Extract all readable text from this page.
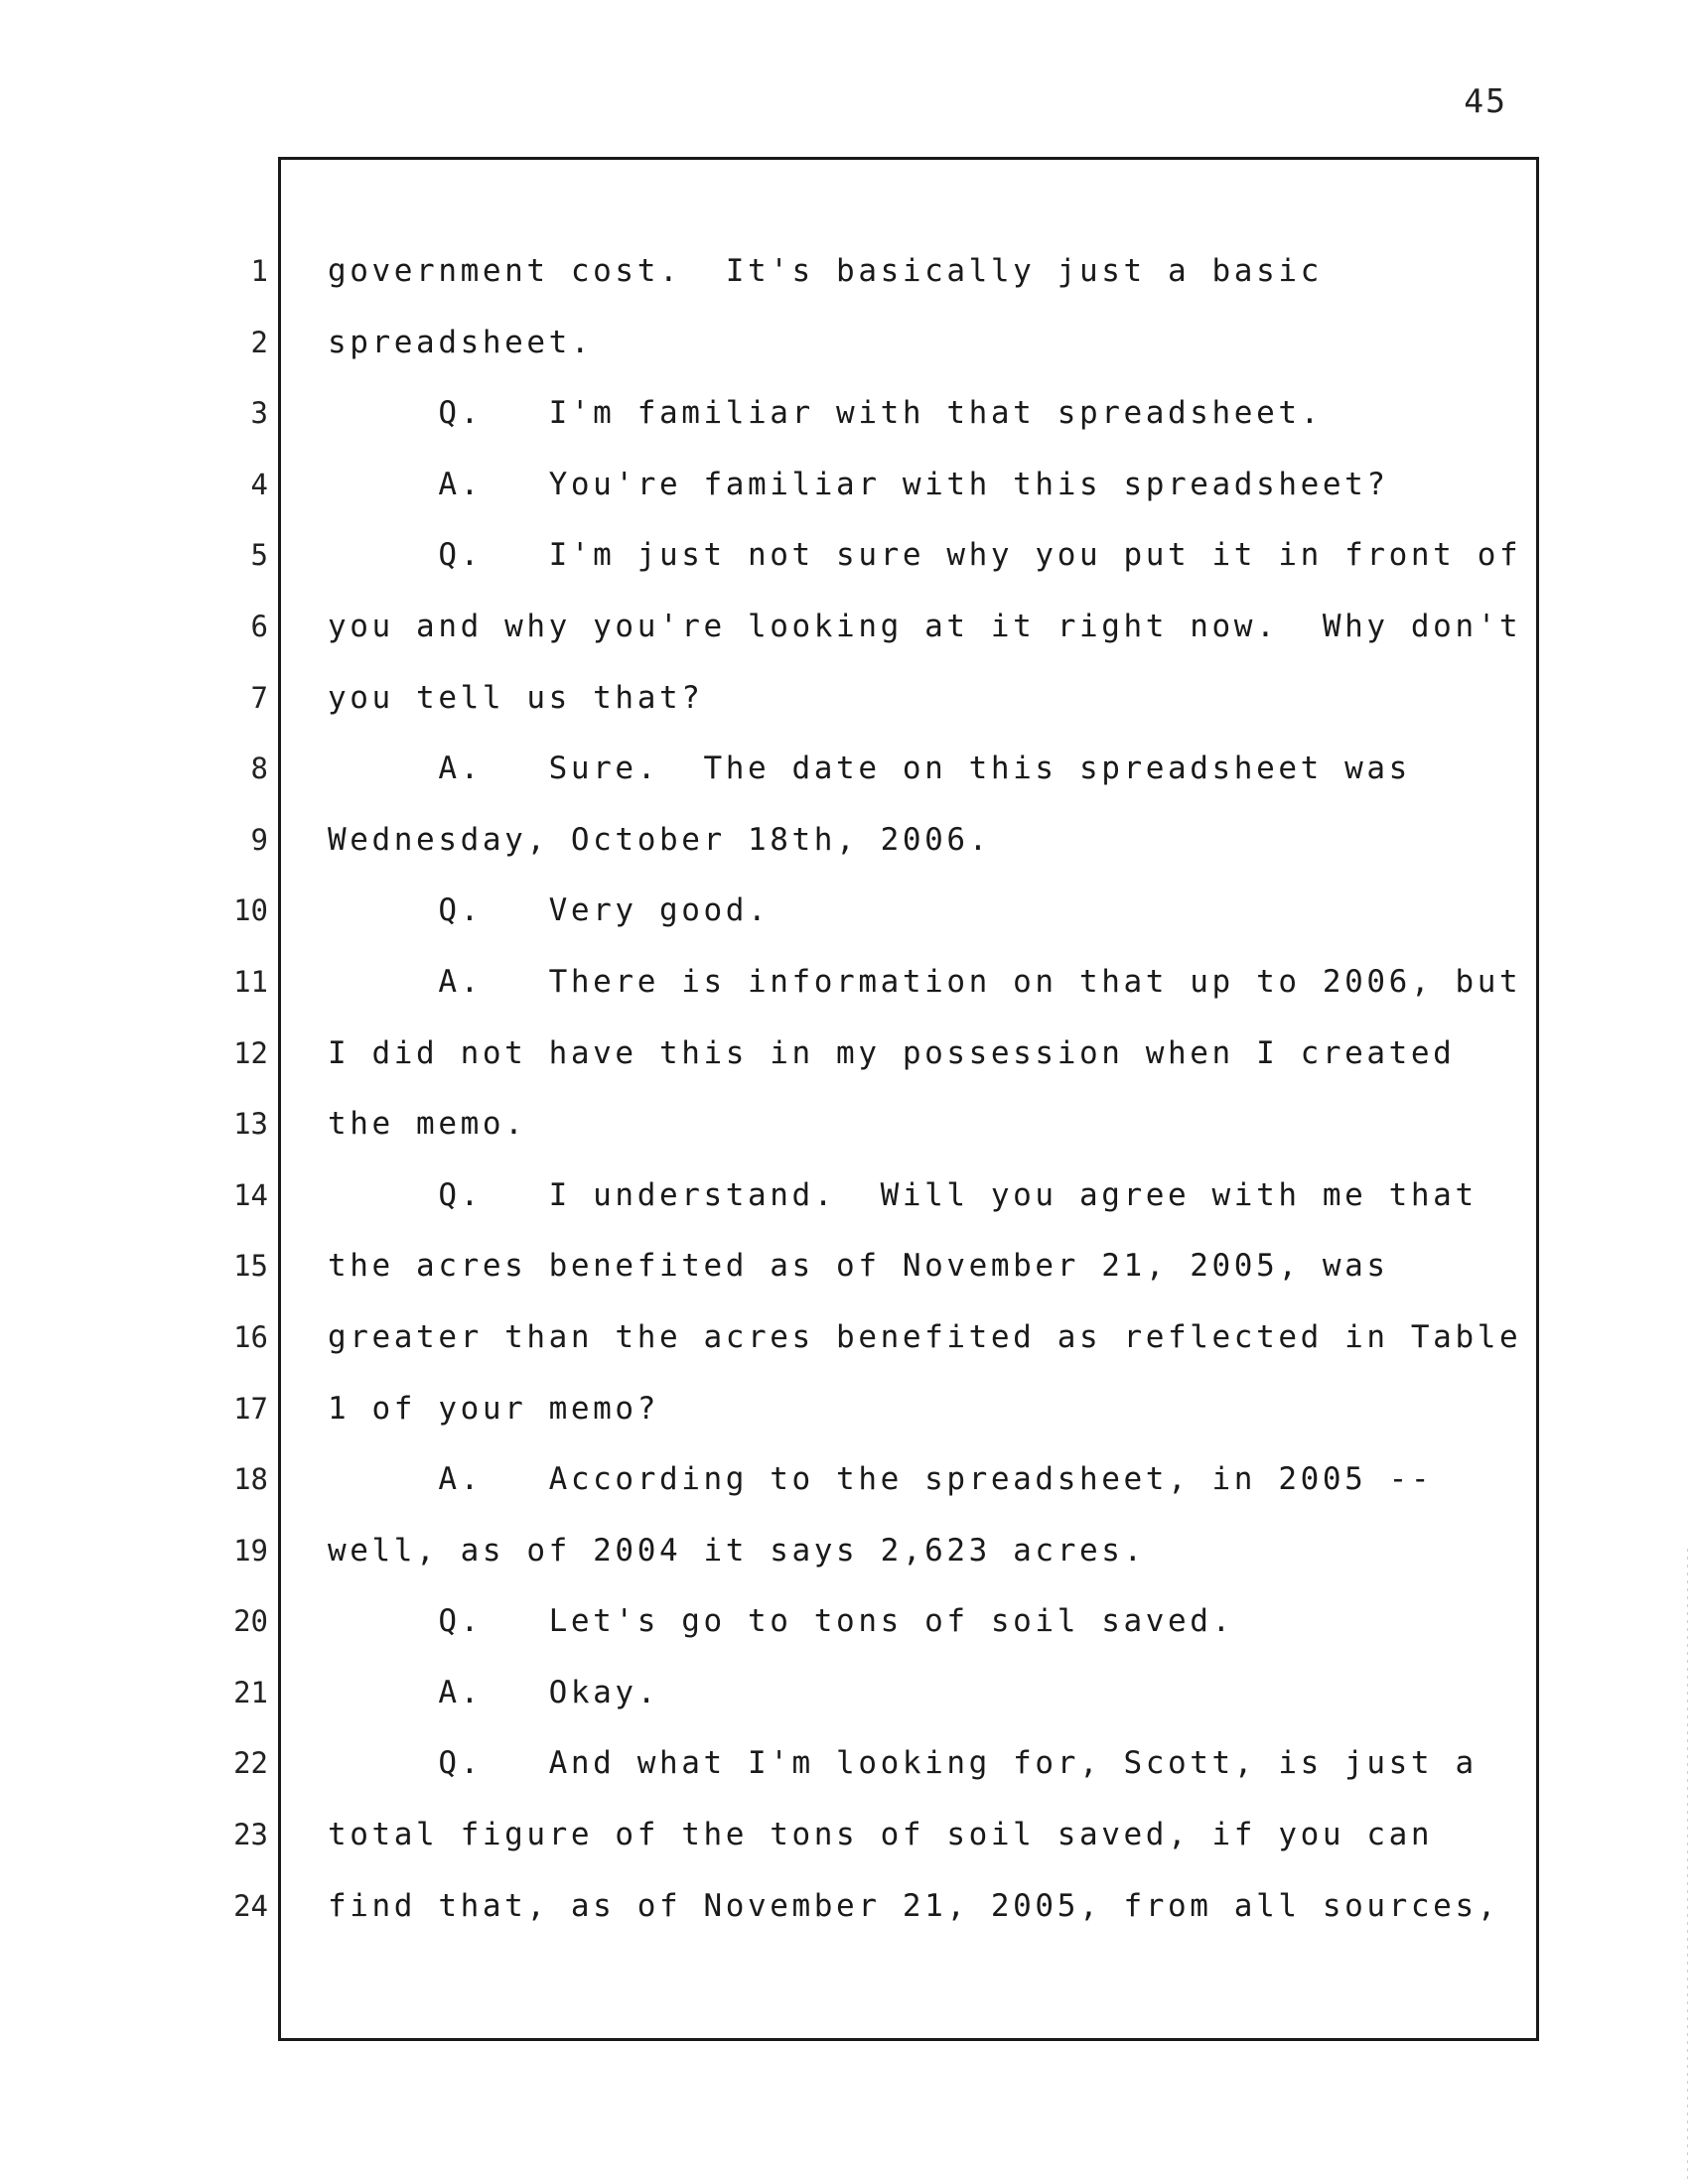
45
1
2
3
4
5
6
7
8
9
10
11
12
13
14
15
16
17
18
19
20
21
22
23
24
government cost.  It's basically just a basic
spreadsheet.
Q.   I'm familiar with that spreadsheet.
A.   You're familiar with this spreadsheet?
Q.   I'm just not sure why you put it in front of
you and why you're looking at it right now.  Why don't
you tell us that?
A.   Sure.  The date on this spreadsheet was
Wednesday, October 18th, 2006.
Q.   Very good.
A.   There is information on that up to 2006, but
I did not have this in my possession when I created
the memo.
Q.   I understand.  Will you agree with me that
the acres benefited as of November 21, 2005, was
greater than the acres benefited as reflected in Table
1 of your memo?
A.   According to the spreadsheet, in 2005 --
well, as of 2004 it says 2,623 acres.
Q.   Let's go to tons of soil saved.
A.   Okay.
Q.   And what I'm looking for, Scott, is just a
total figure of the tons of soil saved, if you can
find that, as of November 21, 2005, from all sources,
